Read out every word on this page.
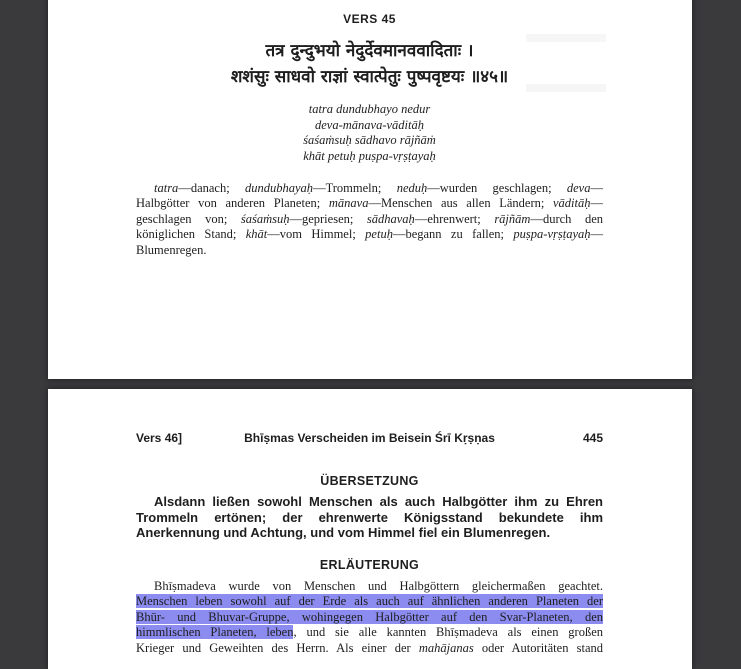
VERS 45
तत्र दुन्दुभयो नेदुर्देवमानववादिताः ।
शशंसुः साधवो राज्ञां स्वात्पेतुः पुष्पवृष्टयः ॥४५॥
tatra dundubhayo nedur
deva-mānava-vāditāḥ
śaśaṁsuḥ sādhavo rājñāṁ
khāt petuḥ puṣpa-vṛṣṭayaḥ
tatra—danach; dundubhayaḥ—Trommeln; neduḥ—wurden geschlagen; deva—Halbgötter von anderen Planeten; mānava—Menschen aus allen Ländern; vāditāḥ—geschlagen von; śaśaṁsuḥ—gepriesen; sādhavaḥ—ehrenwert; rājñām—durch den königlichen Stand; khāt—vom Himmel; petuḥ—begann zu fallen; puṣpa-vṛṣṭayaḥ—Blumenregen.
Vers 46]	Bhīṣmas Verscheiden im Beisein Śrī Kṛṣṇas	445
ÜBERSETZUNG
Alsdann ließen sowohl Menschen als auch Halbgötter ihm zu Ehren Trommeln ertönen; der ehrenwerte Königsstand bekundete ihm Anerkennung und Achtung, und vom Himmel fiel ein Blumenregen.
ERLÄUTERUNG
Bhīṣmadeva wurde von Menschen und Halbgöttern gleichermaßen geachtet.
Menschen leben sowohl auf der Erde als auch auf ähnlichen anderen Planeten der
Bhūr- und Bhuvar-Gruppe, wohingegen Halbgötter auf den Svar-Planeten, den
himmlischen Planeten, leben, und sie alle kannten Bhīṣmadeva als einen großen
Krieger und Geweihten des Herrn. Als einer der mahājanas oder Autoritäten stand
